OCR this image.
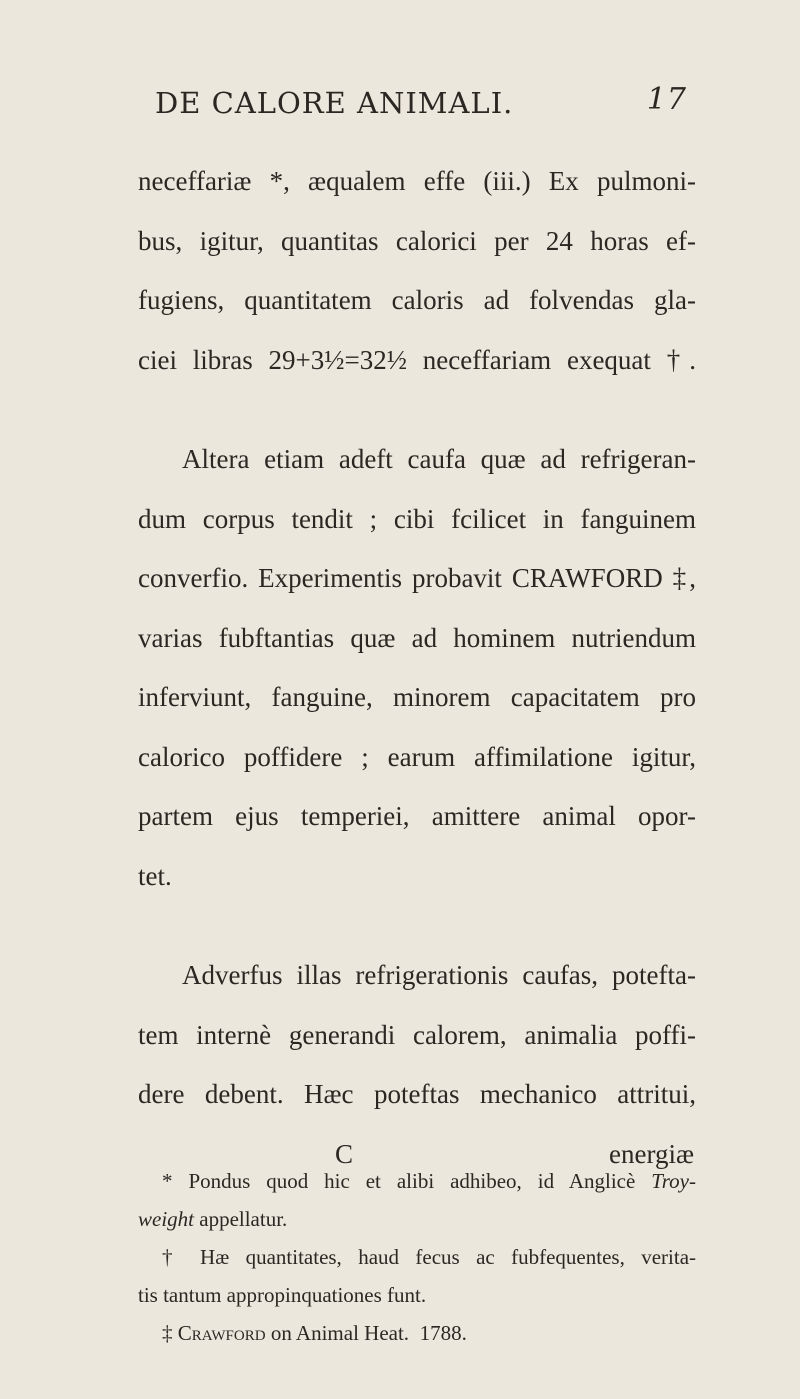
DE CALORE ANIMALI.	17
neceffariæ *, æqualem effe (iii.) Ex pulmoni-
bus, igitur, quantitas calorici per 24 horas ef-
fugiens, quantitatem caloris ad folvendas gla-
ciei libras 29+3½=32½ neceffariam exequat †.
Altera etiam adeft caufa quæ ad refrigeran-
dum corpus tendit ; cibi fcilicet in fanguinem
converfio. Experimentis probavit CRAWFORD ‡,
varias fubftantias quæ ad hominem nutriendum
inferviunt, fanguine, minorem capacitatem pro
calorico poffidere ; earum affimilatione igitur,
partem ejus temperiei, amittere animal opor-
tet.
Adverfus illas refrigerationis caufas, potefta-
tem internè generandi calorem, animalia poffi-
dere debent. Hæc poteftas mechanico attritui,
C	energiæ
* Pondus quod hic et alibi adhibeo, id Anglicè Troy-
weight appellatur.
† Hæ quantitates, haud fecus ac fubfequentes, verita-
tis tantum appropinquationes funt.
‡ Crawford on Animal Heat. 1788.
